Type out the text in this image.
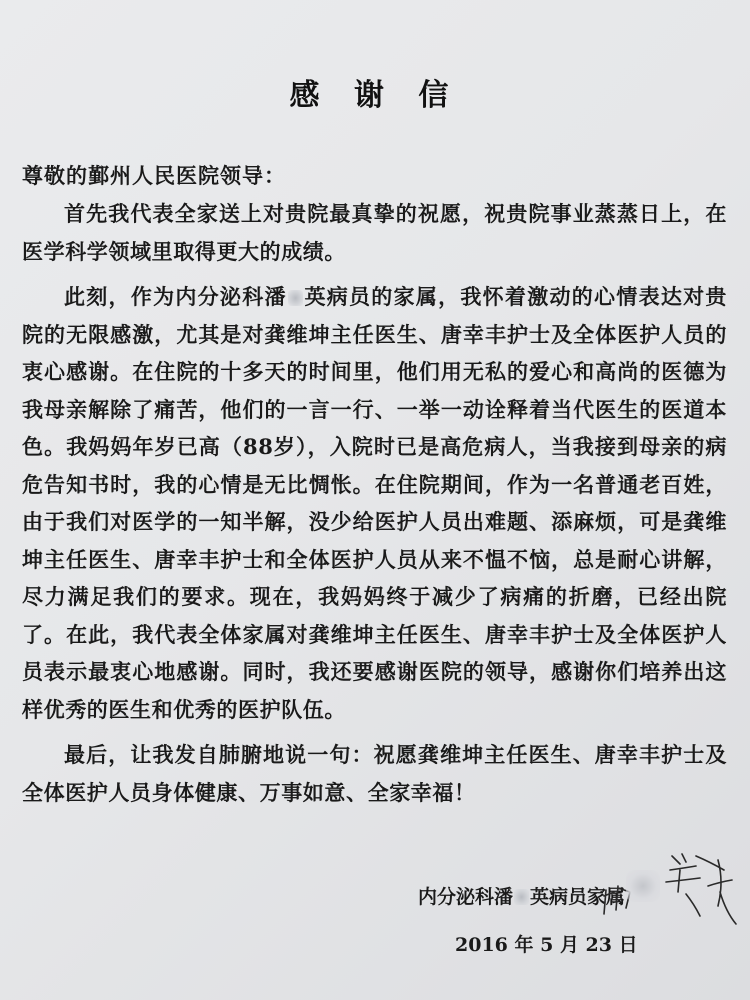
感 谢 信
尊敬的鄞州人民医院领导：

首先我代表全家送上对贵院最真挚的祝愿，祝贵院事业蒸蒸日上，在医学科学领域里取得更大的成绩。

此刻，作为内分泌科潘 英病员的家属，我怀着激动的心情表达对贵院的无限感激，尤其是对龚维坤主任医生、唐幸丰护士及全体医护人员的衷心感谢。在住院的十多天的时间里，他们用无私的爱心和高尚的医德为我母亲解除了痛苦，他们的一言一行、一举一动诠释着当代医生的医道本色。我妈妈年岁已高（88岁），入院时已是高危病人，当我接到母亲的病危告知书时，我的心情是无比惆怅。在住院期间，作为一名普通老百姓，由于我们对医学的一知半解，没少给医护人员出难题、添麻烦，可是龚维坤主任医生、唐幸丰护士和全体医护人员从来不愠不恼，总是耐心讲解，尽力满足我们的要求。现在，我妈妈终于减少了病痛的折磨，已经出院了。在此，我代表全体家属对龚维坤主任医生、唐幸丰护士及全体医护人员表示最衷心地感谢。同时，我还要感谢医院的领导，感谢你们培养出这样优秀的医生和优秀的医护队伍。

最后，让我发自肺腑地说一句：祝愿龚维坤主任医生、唐幸丰护士及全体医护人员身体健康、万事如意、全家幸福！

内分泌科潘 英病员家属
2016 年 5 月 23 日
